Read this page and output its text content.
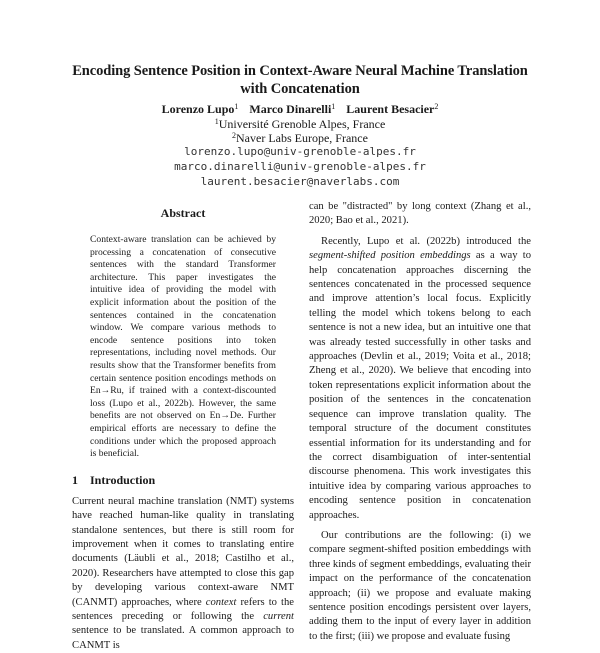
Encoding Sentence Position in Context-Aware Neural Machine Translation with Concatenation
Lorenzo Lupo$^1$ Marco Dinarelli$^1$ Laurent Besacier$^2$
$^1$Université Grenoble Alpes, France
$^2$Naver Labs Europe, France
lorenzo.lupo@univ-grenoble-alpes.fr
marco.dinarelli@univ-grenoble-alpes.fr
laurent.besacier@naverlabs.com
Abstract
Context-aware translation can be achieved by processing a concatenation of consecutive sentences with the standard Transformer architecture. This paper investigates the intuitive idea of providing the model with explicit information about the position of the sentences contained in the concatenation window. We compare various methods to encode sentence positions into token representations, including novel methods. Our results show that the Transformer benefits from certain sentence position encodings methods on En→Ru, if trained with a context-discounted loss (Lupo et al., 2022b). However, the same benefits are not observed on En→De. Further empirical efforts are necessary to define the conditions under which the proposed approach is beneficial.
1 Introduction

Current neural machine translation (NMT) systems have reached human-like quality in translating standalone sentences, but there is still room for improvement when it comes to translating entire documents (Läubli et al., 2018; Castilho et al., 2020). Researchers have attempted to close this gap by developing various context-aware NMT (CANMT) approaches, where context refers to the sentences preceding or following the current sentence to be translated. A common approach to CANMT is

can be "distracted" by long context (Zhang et al., 2020; Bao et al., 2021).

Recently, Lupo et al. (2022b) introduced the segment-shifted position embeddings as a way to help concatenation approaches discerning the sentences concatenated in the processed sequence and improve attention’s local focus. Explicitly telling the model which tokens belong to each sentence is not a new idea, but an intuitive one that was already tested successfully in other tasks and approaches (Devlin et al., 2019; Voita et al., 2018; Zheng et al., 2020). We believe that encoding into token representations explicit information about the position of the sentences in the concatenation sequence can improve translation quality. The temporal structure of the document constitutes essential information for its understanding and for the correct disambiguation of inter-sentential discourse phenomena. This work investigates this intuitive idea by comparing various approaches to encoding sentence position in concatenation approaches.

Our contributions are the following: (i) we compare segment-shifted position embeddings with three kinds of segment embeddings, evaluating their impact on the performance of the concatenation approach; (ii) we propose and evaluate making sentence position encodings persistent over layers, adding them to the input of every layer in addition to the first; (iii) we propose and evaluate fusing
